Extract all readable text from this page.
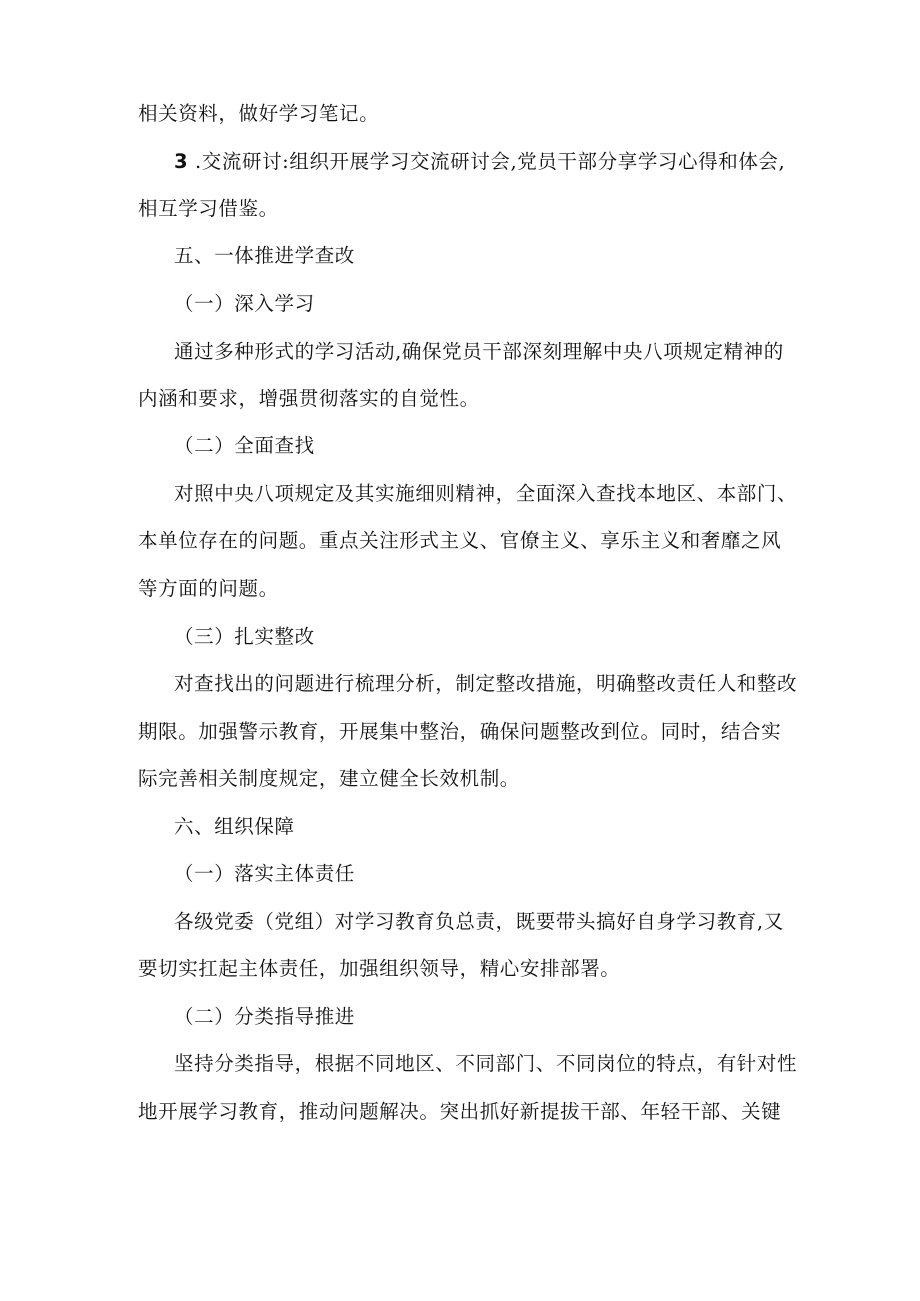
相关资料，做好学习笔记。
3 .交流研讨:组织开展学习交流研讨会,党员干部分享学习心得和体会,
相互学习借鉴。
五、一体推进学查改
（一）深入学习
通过多种形式的学习活动,确保党员干部深刻理解中央八项规定精神的
内涵和要求，增强贯彻落实的自觉性。
（二）全面查找
对照中央八项规定及其实施细则精神，全面深入查找本地区、本部门、
本单位存在的问题。重点关注形式主义、官僚主义、享乐主义和奢靡之风
等方面的问题。
（三）扎实整改
对查找出的问题进行梳理分析，制定整改措施，明确整改责任人和整改
期限。加强警示教育，开展集中整治，确保问题整改到位。同时，结合实
际完善相关制度规定，建立健全长效机制。
六、组织保障
（一）落实主体责任
各级党委（党组）对学习教育负总责，既要带头搞好自身学习教育,又
要切实扛起主体责任，加强组织领导，精心安排部署。
（二）分类指导推进
坚持分类指导，根据不同地区、不同部门、不同岗位的特点，有针对性
地开展学习教育，推动问题解决。突出抓好新提拔干部、年轻干部、关键
